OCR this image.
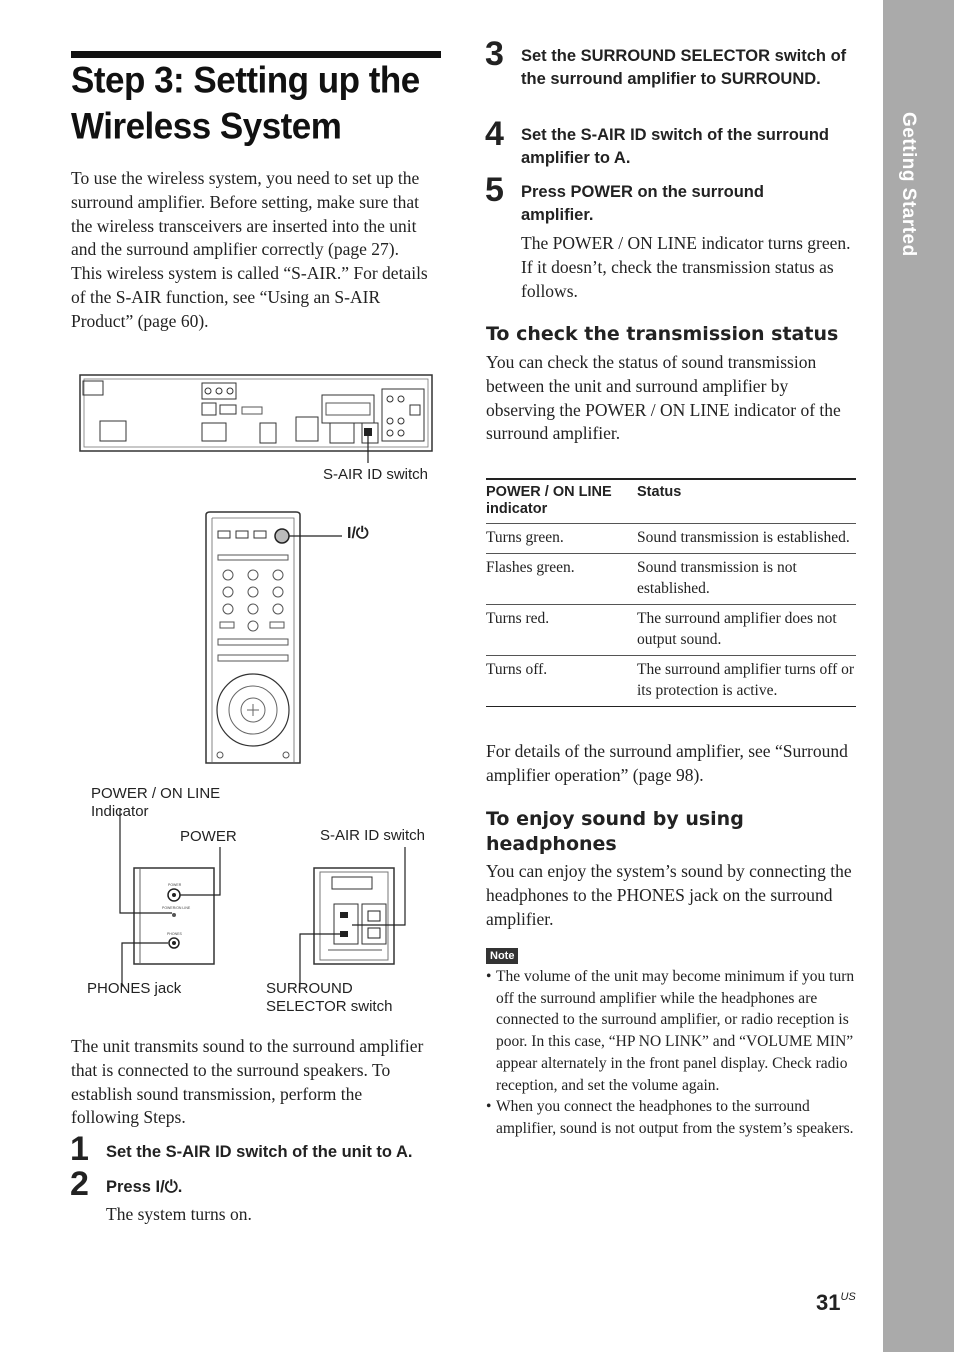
Getting Started
Step 3: Setting up the
Wireless System
To use the wireless system, you need to set up the surround amplifier. Before setting, make sure that the wireless transceivers are inserted into the unit and the surround amplifier correctly (page 27).
This wireless system is called “S-AIR.” For details of the S-AIR function, see “Using an S-AIR Product” (page 60).
POWER
POWER/ON LINE
PHONES
S-AIR ID switch
I/⏻
POWER / ON LINE
Indicator
POWER	S-AIR ID switch
PHONES jack	SURROUND
SELECTOR switch
The unit transmits sound to the surround amplifier that is connected to the surround speakers. To establish sound transmission, perform the following Steps.
1 Set the S-AIR ID switch of the unit to A.
2 Press I/⏻.
The system turns on.
3 Set the SURROUND SELECTOR switch of the surround amplifier to SURROUND.
4 Set the S-AIR ID switch of the surround amplifier to A.
5 Press POWER on the surround amplifier.
The POWER / ON LINE indicator turns green. If it doesn’t, check the transmission status as follows.
To check the transmission status
You can check the status of sound transmission between the unit and surround amplifier by observing the POWER / ON LINE indicator of the surround amplifier.
POWER / ON LINE indicator	Status
Turns green.	Sound transmission is established.
Flashes green.	Sound transmission is not established.
Turns red.	The surround amplifier does not output sound.
Turns off.	The surround amplifier turns off or its protection is active.
For details of the surround amplifier, see “Surround amplifier operation” (page 98).
To enjoy sound by using headphones
You can enjoy the system’s sound by connecting the headphones to the PHONES jack on the surround amplifier.
Note
• The volume of the unit may become minimum if you turn off the surround amplifier while the headphones are connected to the surround amplifier, or radio reception is poor. In this case, “HP NO LINK” and “VOLUME MIN” appear alternately in the front panel display. Check radio reception, and set the volume again.
• When you connect the headphones to the surround amplifier, sound is not output from the system’s speakers.
$31^{US}$
